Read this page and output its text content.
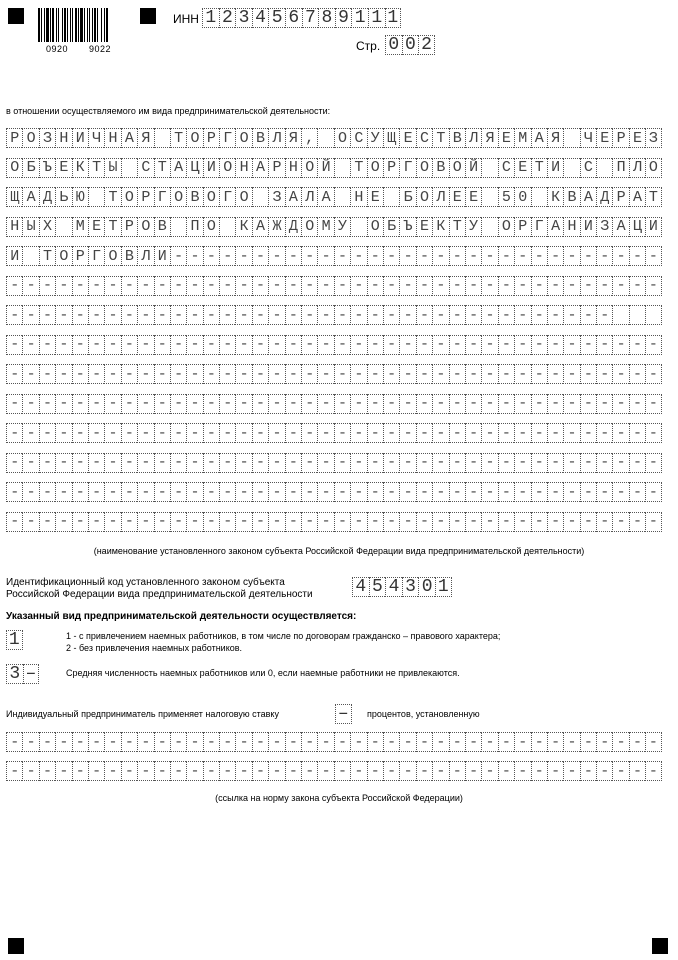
0920 9022
ИНН 1 2 3 4 5 6 7 8 9 1 1 1
Стр. 0 0 2
в отношении осуществляемого им вида предпринимательской деятельности:
Р О З Н И Ч Н А Я Т О Р Г О В Л Я , О С У Щ Е С Т В Л Я Е М А Я Ч Е Р Е З
О Б Ъ Е К Т Ы С Т А Ц И О Н А Р Н О Й Т О Р Г О В О Й С Е Т И С П Л О
Щ А Д Ь Ю Т О Р Г О В О Г О З А Л А Н Е Б О Л Е Е 5 0 К В А Д Р А Т
Н Ы Х М Е Т Р О В П О К А Ж Д О М У О Б Ъ Е К Т У О Р Г А Н И З А Ц И
И Т О Р Г О В Л И - - - - - - - - - - - - - - - - - - - - - - - - - - - - - -
- - - - - - - - - - - - - - - - - - - - - - - - - - - - - - - - - - - - - - - -
- - - - - - - - - - - - - - - - - - - - - - - - - - - - - - - - - - - - -
- - - - - - - - - - - - - - - - - - - - - - - - - - - - - - - - - - - - - - - -
- - - - - - - - - - - - - - - - - - - - - - - - - - - - - - - - - - - - - - - -
- - - - - - - - - - - - - - - - - - - - - - - - - - - - - - - - - - - - - - - -
- - - - - - - - - - - - - - - - - - - - - - - - - - - - - - - - - - - - - - - -
- - - - - - - - - - - - - - - - - - - - - - - - - - - - - - - - - - - - - - - -
- - - - - - - - - - - - - - - - - - - - - - - - - - - - - - - - - - - - - - - -
- - - - - - - - - - - - - - - - - - - - - - - - - - - - - - - - - - - - - - - -
(наименование установленного законом субъекта Российской Федерации вида предпринимательской деятельности)
Идентификационный код установленного законом субъекта
Российской Федерации вида предпринимательской деятельности 4 5 4 3 0 1
Указанный вид предпринимательской деятельности осуществляется:
1	1 - с привлечением наемных работников, в том числе по договорам гражданско – правового характера;
2 - без привлечения наемных работников.
3 –	Средняя численность наемных работников или 0, если наемные работники не привлекаются.
Индивидуальный предприниматель применяет налоговую ставку	–	процентов, установленную
- - - - - - - - - - - - - - - - - - - - - - - - - - - - - - - - - - - - - - - -
- - - - - - - - - - - - - - - - - - - - - - - - - - - - - - - - - - - - - - - -
(ссылка на норму закона субъекта Российской Федерации)
